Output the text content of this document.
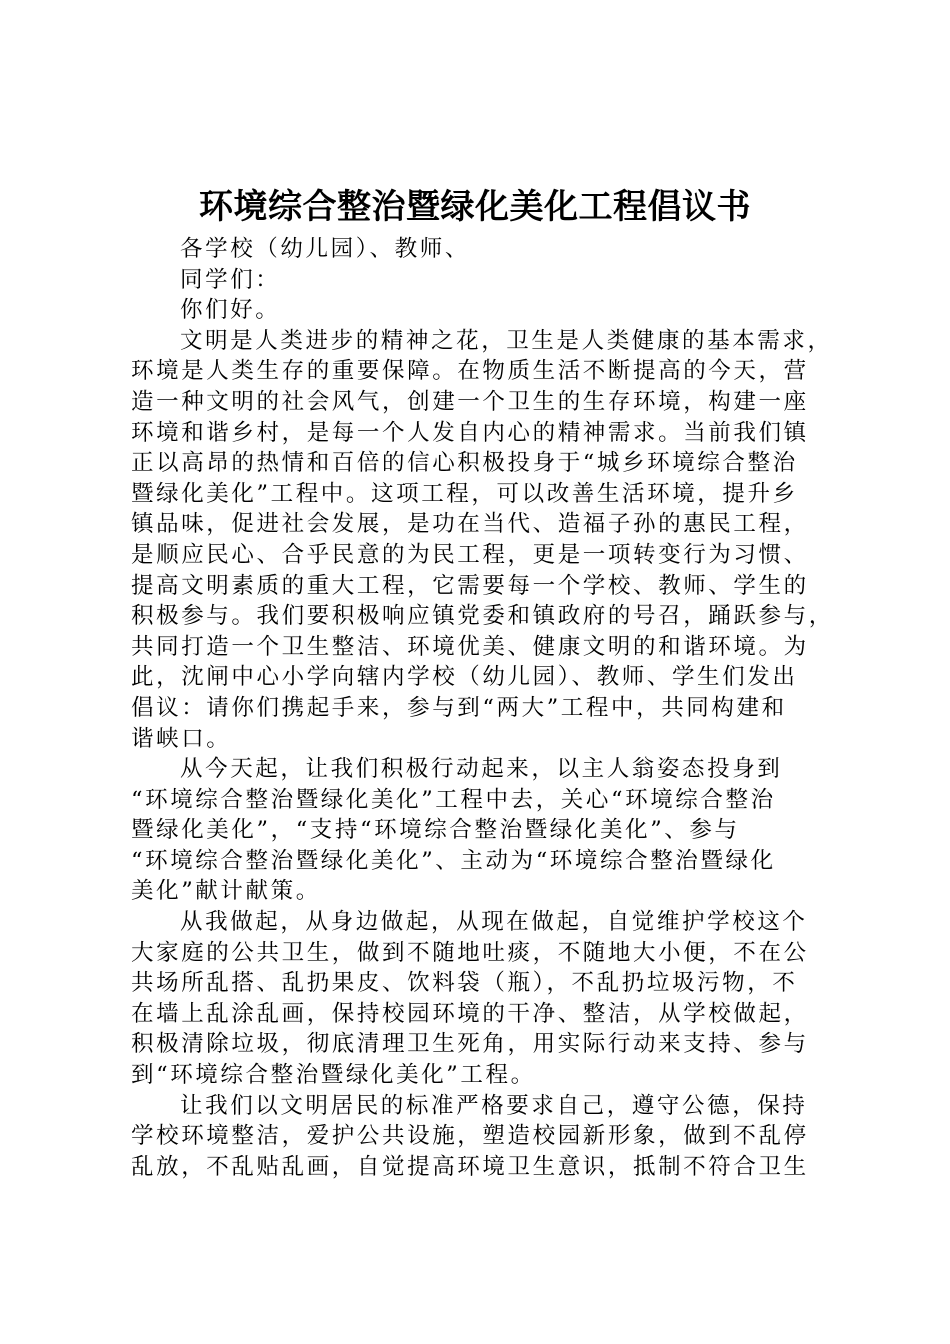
环境综合整治暨绿化美化工程倡议书

各学校（幼儿园）、教师、

同学们：

你们好。

文明是人类进步的精神之花，卫生是人类健康的基本需求，

环境是人类生存的重要保障。在物质生活不断提高的今天，营

造一种文明的社会风气，创建一个卫生的生存环境，构建一座

环境和谐乡村，是每一个人发自内心的精神需求。当前我们镇

正以高昂的热情和百倍的信心积极投身于“城乡环境综合整治

暨绿化美化”工程中。这项工程，可以改善生活环境，提升乡

镇品味，促进社会发展，是功在当代、造福子孙的惠民工程，

是顺应民心、合乎民意的为民工程，更是一项转变行为习惯、

提高文明素质的重大工程，它需要每一个学校、教师、学生的

积极参与。我们要积极响应镇党委和镇政府的号召，踊跃参与，

共同打造一个卫生整洁、环境优美、健康文明的和谐环境。为

此，沈闸中心小学向辖内学校（幼儿园）、教师、学生们发出

倡议：请你们携起手来，参与到“两大”工程中，共同构建和

谐峡口。

从今天起，让我们积极行动起来，以主人翁姿态投身到

“环境综合整治暨绿化美化”工程中去，关心“环境综合整治

暨绿化美化”，“支持“环境综合整治暨绿化美化”、参与

“环境综合整治暨绿化美化”、主动为“环境综合整治暨绿化

美化”献计献策。

从我做起，从身边做起，从现在做起，自觉维护学校这个

大家庭的公共卫生，做到不随地吐痰，不随地大小便，不在公

共场所乱搭、乱扔果皮、饮料袋（瓶），不乱扔垃圾污物，不

在墙上乱涂乱画，保持校园环境的干净、整洁，从学校做起，

积极清除垃圾，彻底清理卫生死角，用实际行动来支持、参与

到“环境综合整治暨绿化美化”工程。

让我们以文明居民的标准严格要求自己，遵守公德，保持

学校环境整洁，爱护公共设施，塑造校园新形象，做到不乱停

乱放，不乱贴乱画，自觉提高环境卫生意识，抵制不符合卫生
